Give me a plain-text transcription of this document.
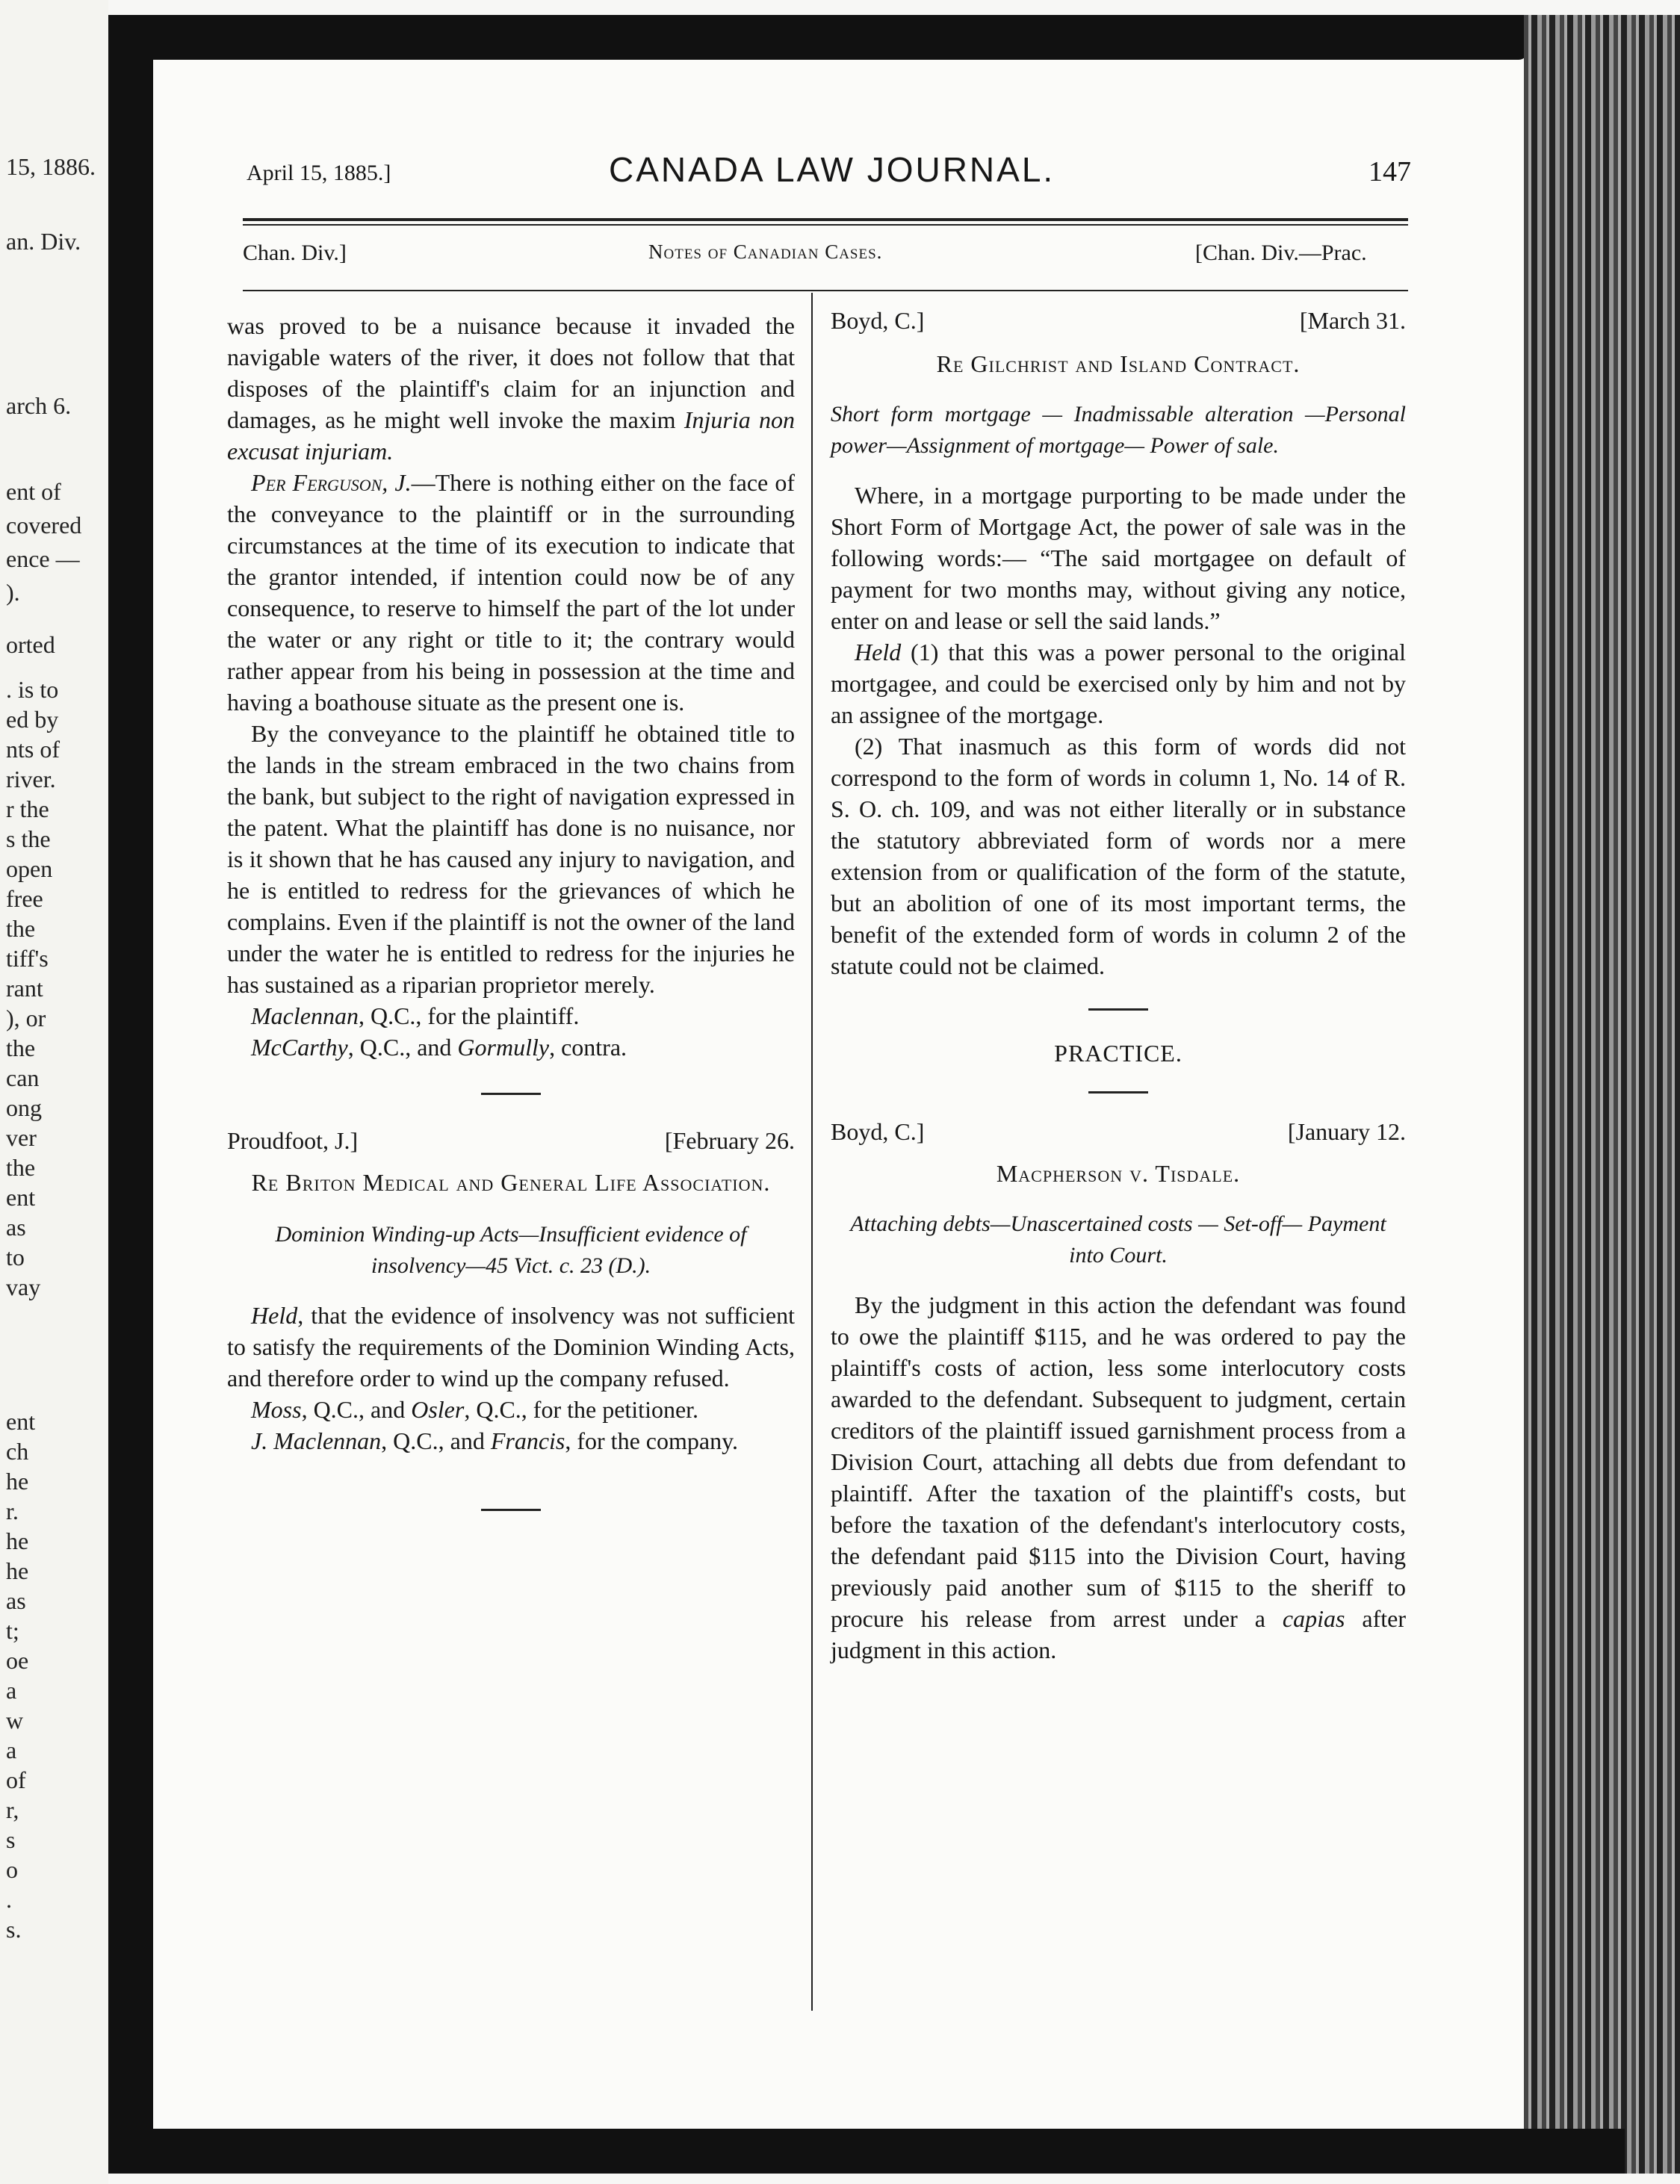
15, 1886.
an. Div.
arch 6.
ent of
covered
ence —
).
orted
. is to
ed by
nts of
river.
r the
s the
open
free
the
tiff's
rant
), or
the
can
ong
ver
the
ent
as
to
vay
ent
ch
he
r.
he
he
as
t;
oe
a
w
a
of
r,
s
o
.
s.
April 15, 1885.]	CANADA LAW JOURNAL.	147
Chan. Div.]	Notes of Canadian Cases.	[Chan. Div.—Prac.

was proved to be a nuisance because it invaded the navigable waters of the river, it does not follow that that disposes of the plaintiff's claim for an injunction and damages, as he might well invoke the maxim Injuria non excusat injuriam.

Per Ferguson, J.—There is nothing either on the face of the conveyance to the plaintiff or in the surrounding circumstances at the time of its execution to indicate that the grantor intended, if intention could now be of any consequence, to reserve to himself the part of the lot under the water or any right or title to it; the contrary would rather appear from his being in possession at the time and having a boathouse situate as the present one is.

By the conveyance to the plaintiff he obtained title to the lands in the stream embraced in the two chains from the bank, but subject to the right of navigation expressed in the patent. What the plaintiff has done is no nuisance, nor is it shown that he has caused any injury to navigation, and he is entitled to redress for the grievances of which he complains. Even if the plaintiff is not the owner of the land under the water he is entitled to redress for the injuries he has sustained as a riparian proprietor merely.

Maclennan, Q.C., for the plaintiff.

McCarthy, Q.C., and Gormully, contra.

Proudfoot, J.]	[February 26.

Re Briton Medical and General Life Association.

Dominion Winding-up Acts—Insufficient evidence of insolvency—45 Vict. c. 23 (D.).

Held, that the evidence of insolvency was not sufficient to satisfy the requirements of the Dominion Winding Acts, and therefore order to wind up the company refused.

Moss, Q.C., and Osler, Q.C., for the petitioner.

J. Maclennan, Q.C., and Francis, for the company.

Boyd, C.]	[March 31.

Re Gilchrist and Island Contract.

Short form mortgage — Inadmissable alteration —Personal power—Assignment of mortgage— Power of sale.

Where, in a mortgage purporting to be made under the Short Form of Mortgage Act, the power of sale was in the following words:— “The said mortgagee on default of payment for two months may, without giving any notice, enter on and lease or sell the said lands.”

Held (1) that this was a power personal to the original mortgagee, and could be exercised only by him and not by an assignee of the mortgage.

(2) That inasmuch as this form of words did not correspond to the form of words in column 1, No. 14 of R. S. O. ch. 109, and was not either literally or in substance the statutory abbreviated form of words nor a mere extension from or qualification of the form of the statute, but an abolition of one of its most important terms, the benefit of the extended form of words in column 2 of the statute could not be claimed.

PRACTICE.

Boyd, C.]	[January 12.

Macpherson v. Tisdale.

Attaching debts—Unascertained costs — Set-off— Payment into Court.

By the judgment in this action the defendant was found to owe the plaintiff $115, and he was ordered to pay the plaintiff's costs of action, less some interlocutory costs awarded to the defendant. Subsequent to judgment, certain creditors of the plaintiff issued garnishment process from a Division Court, attaching all debts due from defendant to plaintiff. After the taxation of the plaintiff's costs, but before the taxation of the defendant's interlocutory costs, the defendant paid $115 into the Division Court, having previously paid another sum of $115 to the sheriff to procure his release from arrest under a capias after judgment in this action.
